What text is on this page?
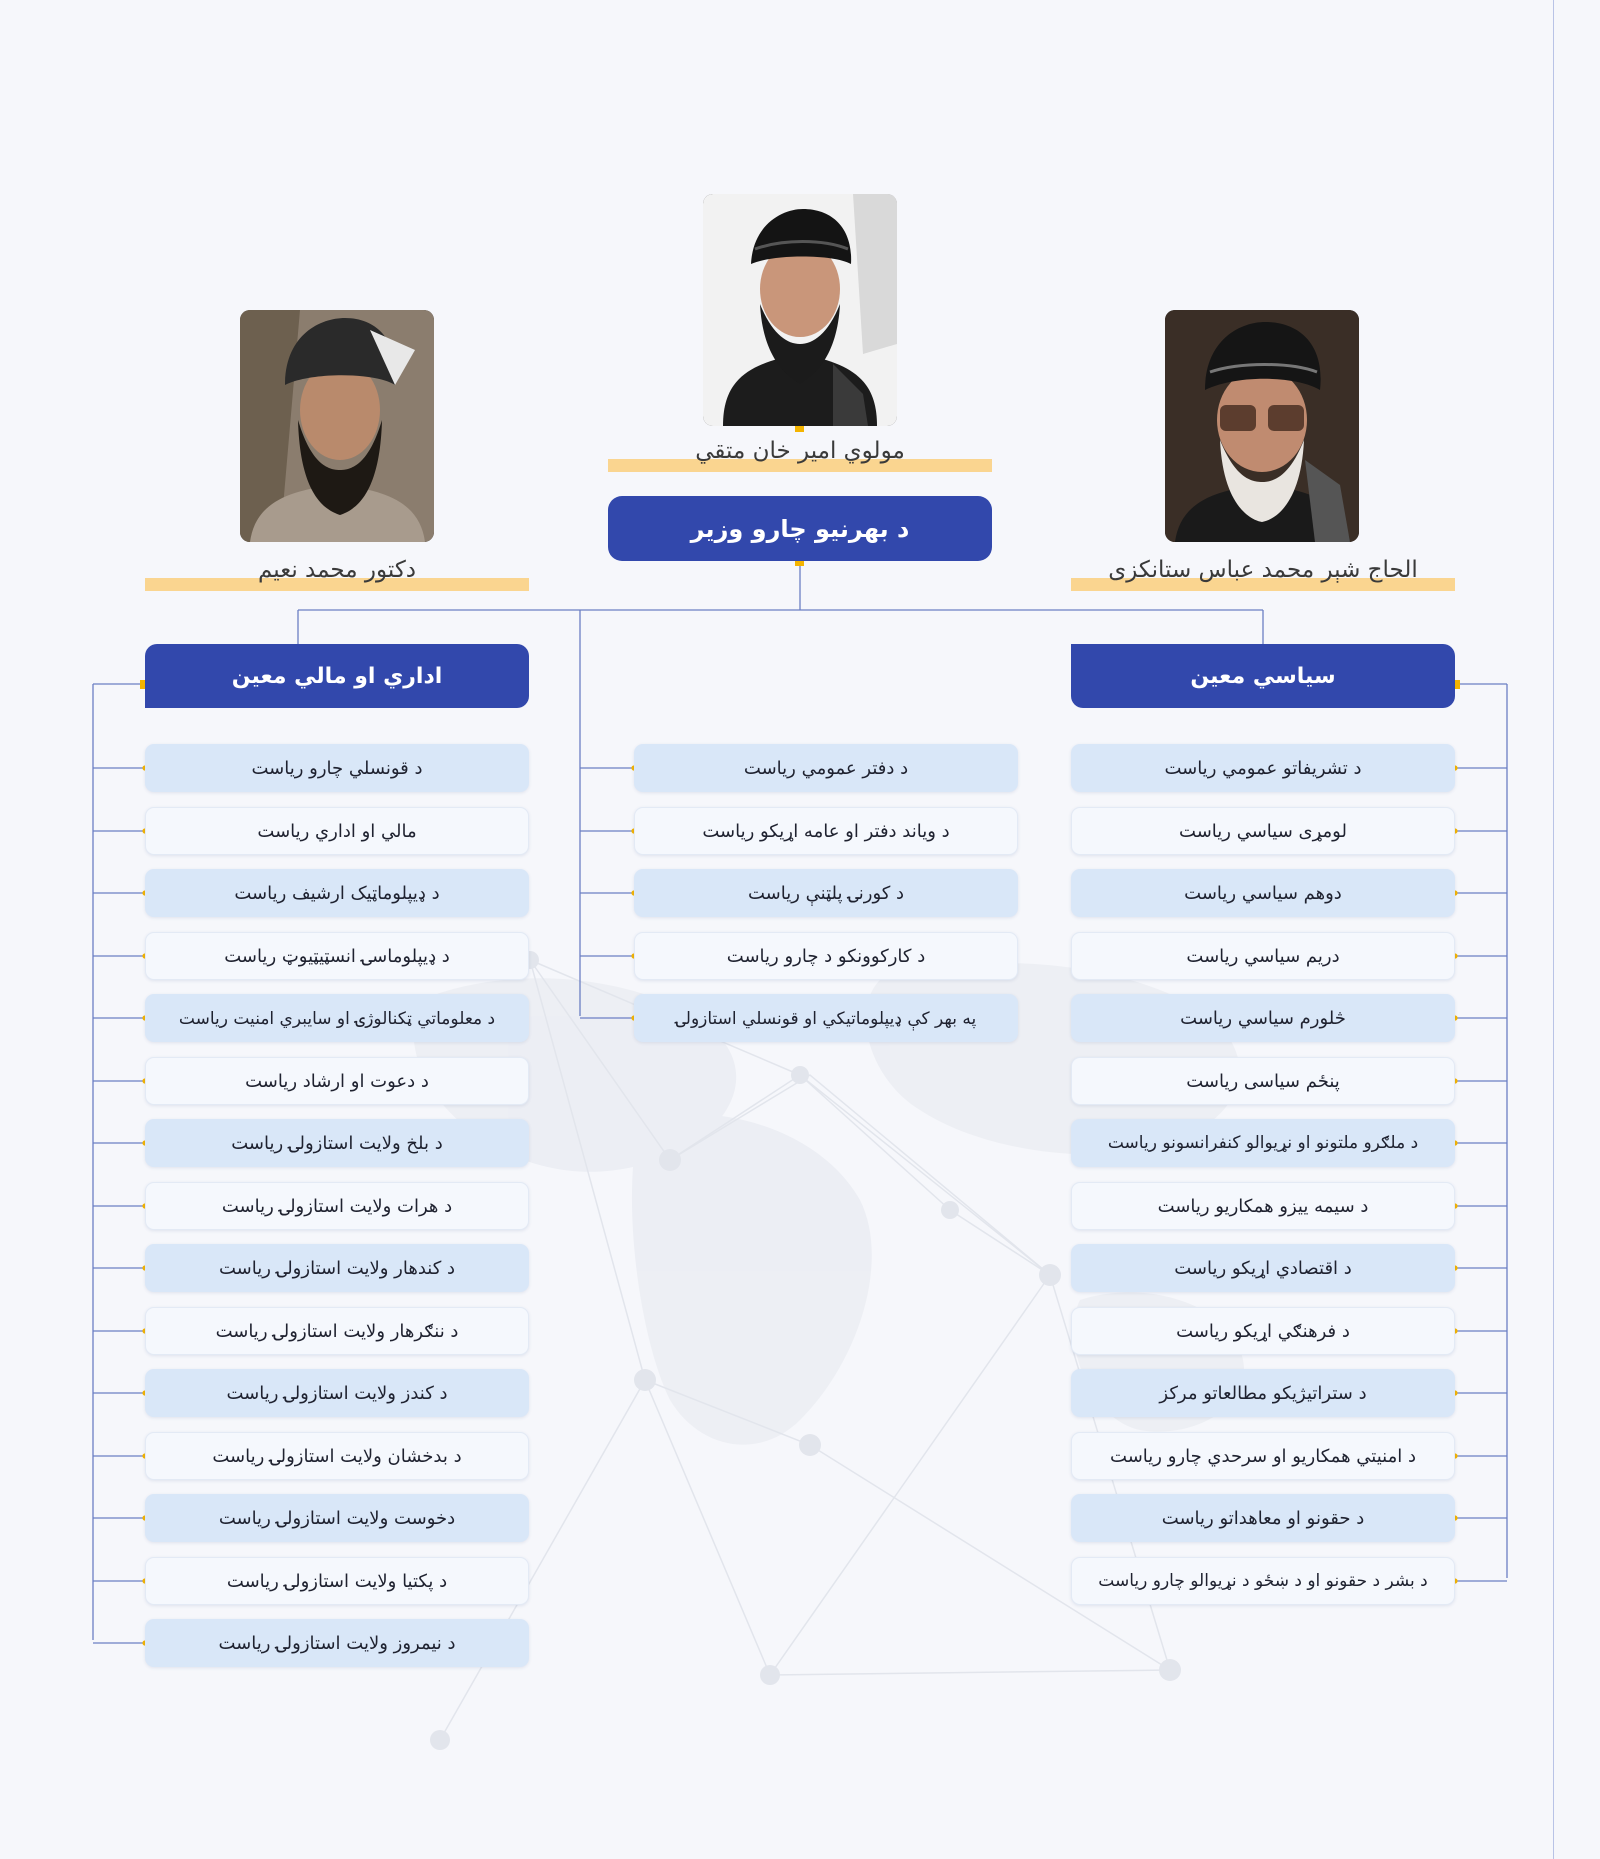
مولوي امير خان متقي
دکتور محمد نعيم	الحاج شېر محمد عباس ستانکزی
د بهرنيو چارو وزير
اداري او مالي معين	سياسي معين
د قونسلي چارو رياست
مالي او اداري رياست
د ډيپلوماټيک ارشيف رياست
د ډيپلوماسۍ انسټيټيوټ رياست
د معلوماتي ټکنالوژۍ او سايبري امنيت رياست
د دعوت او ارشاد رياست
د بلخ ولايت استازولۍ رياست
د هرات ولايت استازولۍ رياست
د کندهار ولايت استازولۍ رياست
د ننګرهار ولايت استازولۍ رياست
د کندز ولايت استازولۍ رياست
د بدخشان ولايت استازولۍ رياست
دخوست ولايت استازولۍ رياست
د پکتيا ولايت استازولۍ رياست
د نيمروز ولايت استازولۍ رياست
د دفتر عمومي رياست
د ویاند دفتر او عامه اړیکو رياست
د کورنۍ پلټنې رياست
د کارکوونکو د چارو رياست
په بهر کې ډيپلوماتيکي او قونسلي استازولۍ
د تشريفاتو عمومي رياست
لومړی سياسي رياست
دوهم سياسي رياست
دريم سياسي رياست
څلورم سياسي رياست
پنځم سياسی رياست
د ملګرو ملتونو او نړيوالو کنفرانسونو رياست
د سيمه ييزو همکاريو رياست
د اقتصادي اړيکو رياست
د فرهنګي اړيکو رياست
د ستراتيژيکو مطالعاتو مرکز
د امنيتي همکاريو او سرحدي چارو رياست
د حقونو او معاهداتو رياست
د بشر د حقونو او د ښځو د نړيوالو چارو رياست
